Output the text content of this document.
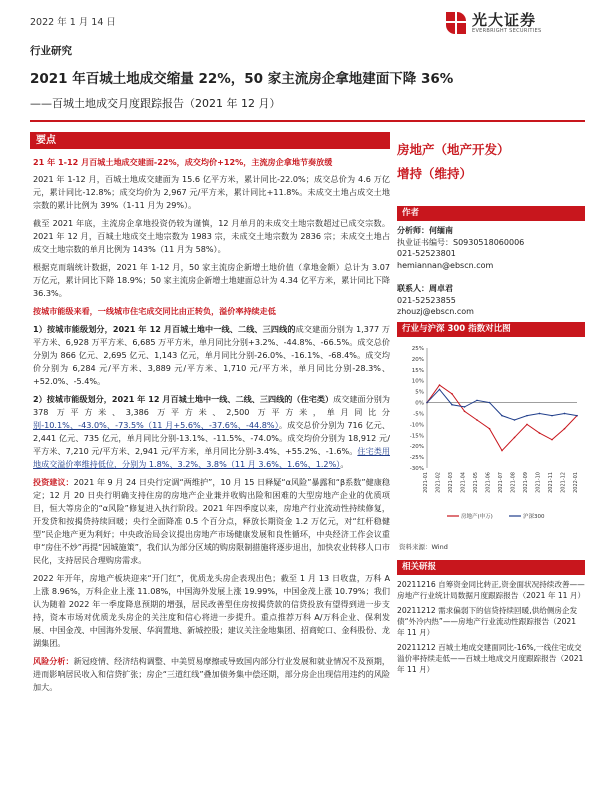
2022 年 1 月 14 日	光大证券
EVERBRIGHT SECURITIES
行业研究
2021 年百城土地成交缩量 22%，50 家主流房企拿地建面下降 36%
——百城土地成交月度跟踪报告（2021 年 12 月）
要点

21 年 1-12 月百城土地成交建面-22%，成交均价+12%，主流房企拿地节奏放缓

2021 年 1-12 月，百城土地成交建面为 15.6 亿平方米，累计同比-22.0%；成交总价为 4.6 万亿元，累计同比-12.8%；成交均价为 2,967 元/平方米，累计同比+11.8%。未成交土地占成交土地宗数的累计比例为 39%（1-11 月为 29%）。

截至 2021 年底，主流房企拿地投资仍较为谨慎，12 月单月的未成交土地宗数超过已成交宗数。2021 年 12 月，百城土地成交土地宗数为 1983 宗，未成交土地宗数为 2836 宗；未成交土地占成交土地宗数的单月比例为 143%（11 月为 58%）。

根据克而瑞统计数据，2021 年 1-12 月，50 家主流房企新增土地价值（拿地金额）总计为 3.07 万亿元，累计同比下降 18.9%；50 家主流房企新增土地建面总计为 4.34 亿平方米，累计同比下降 36.3%。

按城市能级来看，一线城市住宅成交同比由正转负，溢价率持续走低

1）按城市能级划分，2021 年 12 月百城土地中一线、二线、三四线的成交建面分别为 1,377 万平方米、6,928 万平方米、6,685 万平方米，单月同比分别+3.2%、-44.8%、-66.5%。成交总价分别为 866 亿元、2,695 亿元、1,143 亿元，单月同比分别-26.0%、-16.1%、-68.4%。成交均价分别为 6,284 元/平方米、3,889 元/平方米、1,710 元/平方米，单月同比分别-28.3%、+52.0%、-5.4%。

2）按城市能级划分，2021 年 12 月百城土地中一线、二线、三四线的（住宅类）成交建面分别为 378 万平方米、3,386 万平方米、2,500 万平方米，单月同比分别-10.1%、-43.0%、-73.5%（11 月+5.6%、-37.6%、-44.8%）。成交总价分别为 716 亿元、2,441 亿元、735 亿元，单月同比分别-13.1%、-11.5%、-74.0%。成交均价分别为 18,912 元/平方米、7,210 元/平方米、2,941 元/平方米，单月同比分别-3.4%、+55.2%、-1.6%。住宅类用地成交溢价率维持低位，分别为 1.8%、3.2%、3.8%（11 月 3.6%、1.6%、1.2%）。

投资建议：2021 年 9 月 24 日央行定调“两维护”，10 月 15 日释疑“α风险”暴露和“β系数”健康稳定；12 月 20 日央行明确支持住房的房地产企业兼并收购出险和困难的大型房地产企业的优质项目，恒大等房企的“α风险”修复进入执行阶段。2021 年四季度以来，房地产行业流动性持续修复，开发贷和按揭贷持续回暖；央行全面降准 0.5 个百分点，释放长期资金 1.2 万亿元，对“红杆稳健型”民企地产更为利好；中央政治局会议提出房地产市场健康发展和良性循环，中央经济工作会议重申“房住不炒”再提“因城施策”，我们认为部分区域的购房限制措施将逐步退出，加快农业转移人口市民化，支持居民合理购房需求。

2022 年开年，房地产板块迎来“开门红”，优质龙头房企表现出色；截至 1 月 13 日收盘，万科 A 上涨 8.96%，万科企业上涨 11.08%，中国海外发展上涨 19.99%，中国金茂上涨 10.79%；我们认为随着 2022 年一季度降息预期的增强，居民改善型住房按揭贷款的信贷投放有望得到进一步支持，资本市场对优质龙头房企的关注度和信心将进一步提升。重点推荐万科 A/万科企业、保利发展、中国金茂、中国海外发展、华润置地、新城控股；建议关注金地集团、招商蛇口、金科股份、龙湖集团。

风险分析：新冠疫情、经济结构调整、中美贸易摩擦或导致国内部分行业发展和就业情况不及预期，进而影响居民收入和信贷扩张；房企“三道红线”叠加债务集中偿还期，部分房企出现信用违约的风险加大。

房地产（地产开发）
增持（维持）
作者
分析师：何缅南
执业证书编号：S0930518060006
021-52523801
hemiannan@ebscn.com
联系人：周卓君
021-52523855
zhouzj@ebscn.com
行业与沪深 300 指数对比图
25%
20%
15%
10%
5%
0%
-5%
-10%
-15%
-20%
-25%
-30%
2021-01 2021-02 2021-03 2021-04 2021-05 2021-06 2021-07 2021-08 2021-09 2021-10 2021-11 2021-12 2022-01
房地产(申万)	沪深300
资料来源：Wind
相关研报
20211216 自筹资金同比转正,资金面状况持续改善——房地产行业统计局数据月度跟踪报告（2021 年 11 月）
20211212 需求偏弱下的信贷持续回暖,供给侧房企发债“外冷内热”——房地产行业流动性跟踪报告（2021 年 11 月）
20211212 百城土地成交建面同比-16%,一线住宅成交溢价率持续走低——百城土地成交月度跟踪报告（2021 年 11 月）
